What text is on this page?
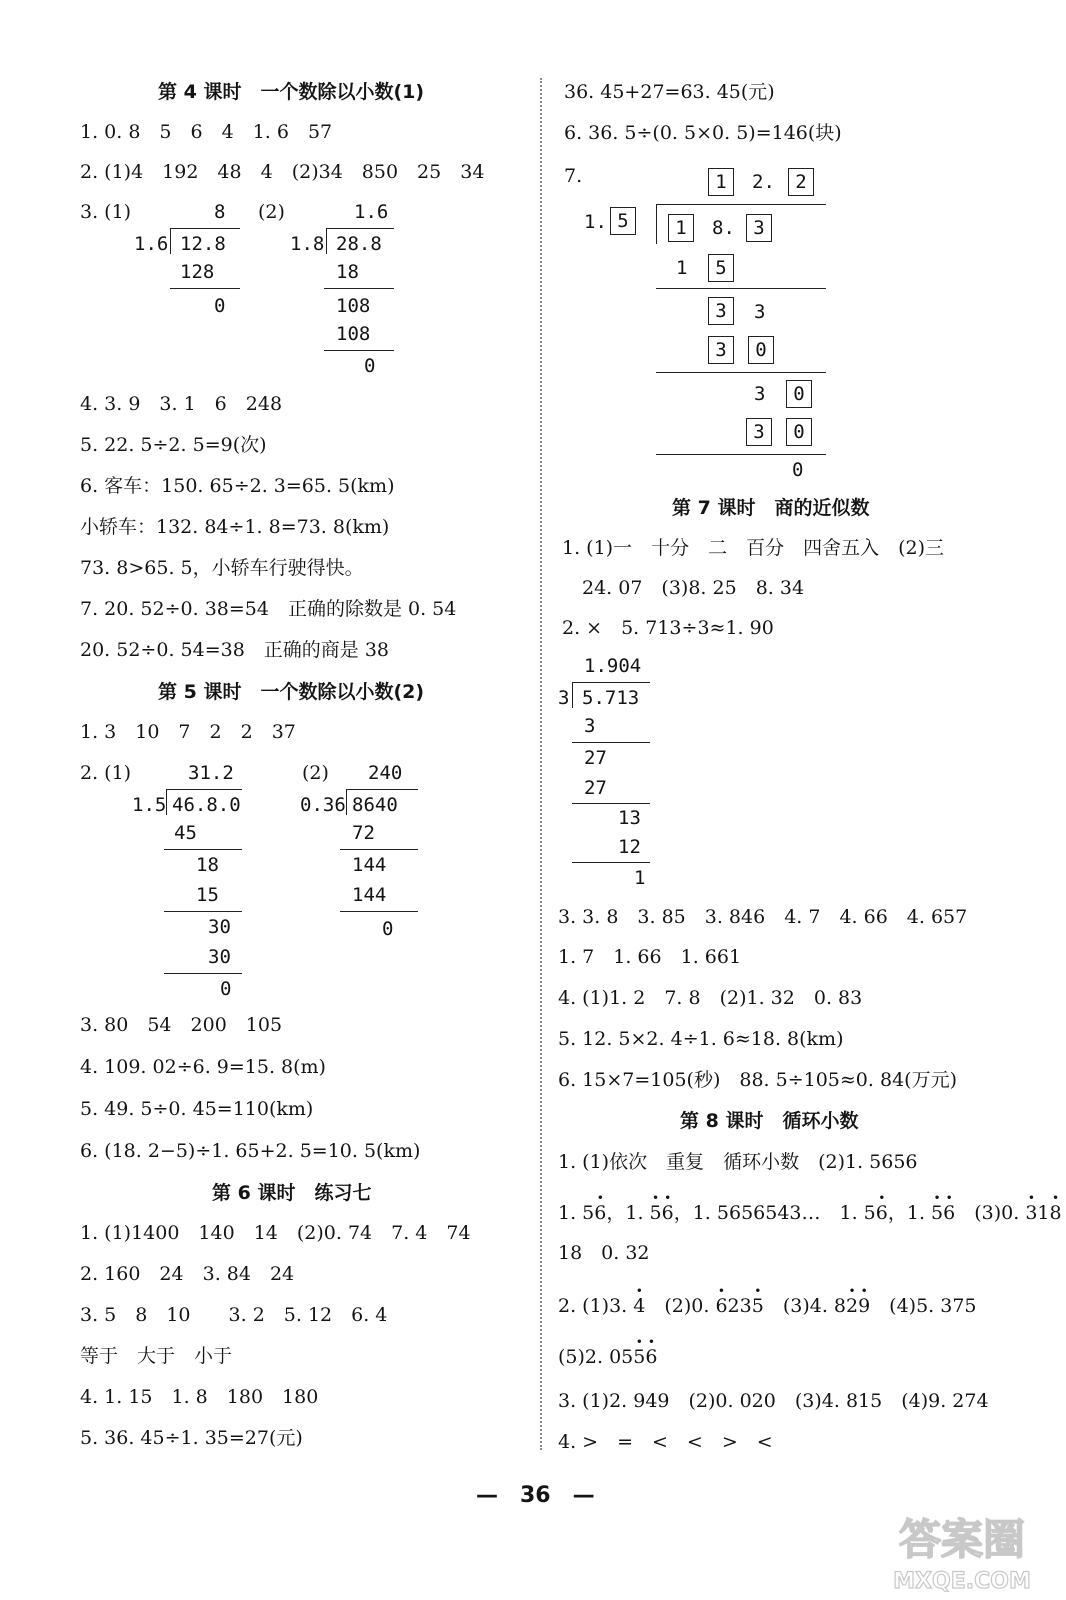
第 4 课时　一个数除以小数(1)
1. 0. 8　5　6　4　1. 6　57
2. (1)4　192　48　4　(2)34　850　25　34
3. (1)	(2)
8
1.6 12.8
128
0
1.6
1.8 28.8
18
108
108
0
4. 3. 9　3. 1　6　248
5. 22. 5÷2. 5=9(次)
6. 客车：150. 65÷2. 3=65. 5(km)
小轿车：132. 84÷1. 8=73. 8(km)
73. 8>65. 5，小轿车行驶得快。
7. 20. 52÷0. 38=54　正确的除数是 0. 54
20. 52÷0. 54=38　正确的商是 38
第 5 课时　一个数除以小数(2)
1. 3　10　7　2　2　37
2. (1)	(2)
31.2
1.5 46.8.0
45
18
15
30
30
0
240
0.36 8640
72
144
144
0
3. 80　54　200　105
4. 109. 02÷6. 9=15. 8(m)
5. 49. 5÷0. 45=110(km)
6. (18. 2−5)÷1. 65+2. 5=10. 5(km)
第 6 课时　练习七
1. (1)1400　140　14　(2)0. 74　7. 4　74
2. 160　24　3. 84　24
3. 5　8　10　　3. 2　5. 12　6. 4
等于　大于　小于
4. 1. 15　1. 8　180　180
5. 36. 45÷1. 35=27(元)
36. 45+27=63. 45(元)
6. 36. 5÷(0. 5×0. 5)=146(块)
7.	1	2.	2
1. 5	1	8. 3
1	5
3	3
3	0
3	0
3	0
0
第 7 课时　商的近似数
1. (1)一　十分　二　百分　四舍五入　(2)三
24. 07　(3)8. 25　8. 34
2. ×　5. 713÷3≈1. 90
1.904
3 5.713
3
27
27
13
12
1
3. 3. 8　3. 85　3. 846　4. 7　4. 66　4. 657
1. 7　1. 66　1. 661
4. (1)1. 2　7. 8　(2)1. 32　0. 83
5. 12. 5×2. 4÷1. 6≈18. 8(km)
6. 15×7=105(秒)　88. 5÷105≈0. 84(万元)
第 8 课时　循环小数
1. (1)依次　重复　循环小数　(2)1. 5656
1. 5· 6，1. · 5· 6，1. 5656543…　1. 5· 6，1. · 5· 6　(3)0. · 31· 8
18　0. 32
2. (1)3. · 4　(2)0. · 623· 5　(3)4. 8· 2· 9　(4)5. 375
(5)2. 05· 5· 6
3. (1)2. 949　(2)0. 020　(3)4. 815　(4)9. 274
4. >　=　<　<　>　<
—　36　—
答案圈
MXQE.COM
